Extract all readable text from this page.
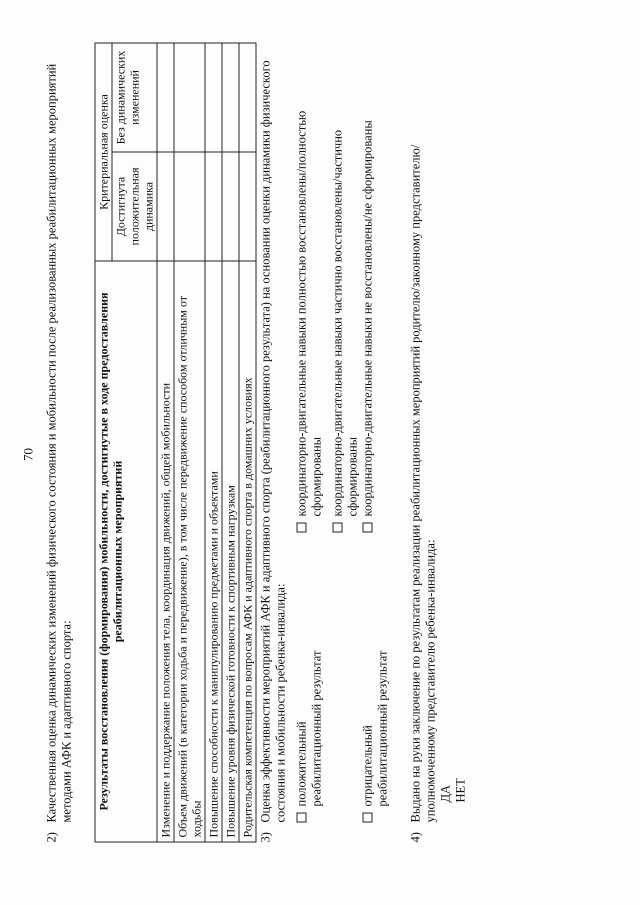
70
2)
Качественная оценка динамических изменений физического состояния и мобильности после реализованных реабилитационных мероприятий методами АФК и адаптивного спорта: Результаты восстановления (формирования) мобильности, достигнутые в ходе предоставления реабилитационных мероприятий	Критериальная оценка	
	Достигнута положительная динамика	Без динамических изменений
Изменение и поддержание положения тела, координация движений, общей мобильности		
Объем движений (в категории ходьба и передвижение), в том числе передвижение способом отличным от ходьбы		
Повышение способности к манипулированию предметами и объектами		
Повышение уровня физической готовности к спортивным нагрузкам		
Родительская компетенция по вопросам АФК и адаптивного спорта в домашних условиях		3)
Оценка эффективности мероприятий АФК и адаптивного спорта (реабилитационного результата) на основании оценки динамики физического состояния и мобильности ребенка-инвалида: положительный реабилитационный результат
координаторно-двигательные навыки полностью восстановлены/полностью сформированы координаторно-двигательные навыки частично восстановлены/частично сформированы
отрицательный реабилитационный результат
координаторно-двигательные навыки не восстановлены/не сформированы
4)
Выдано на руки заключение по результатам реализации реабилитационных мероприятий родителю/законному представителю/уполномоченному представителю ребенка-инвалида: ДА НЕТ
